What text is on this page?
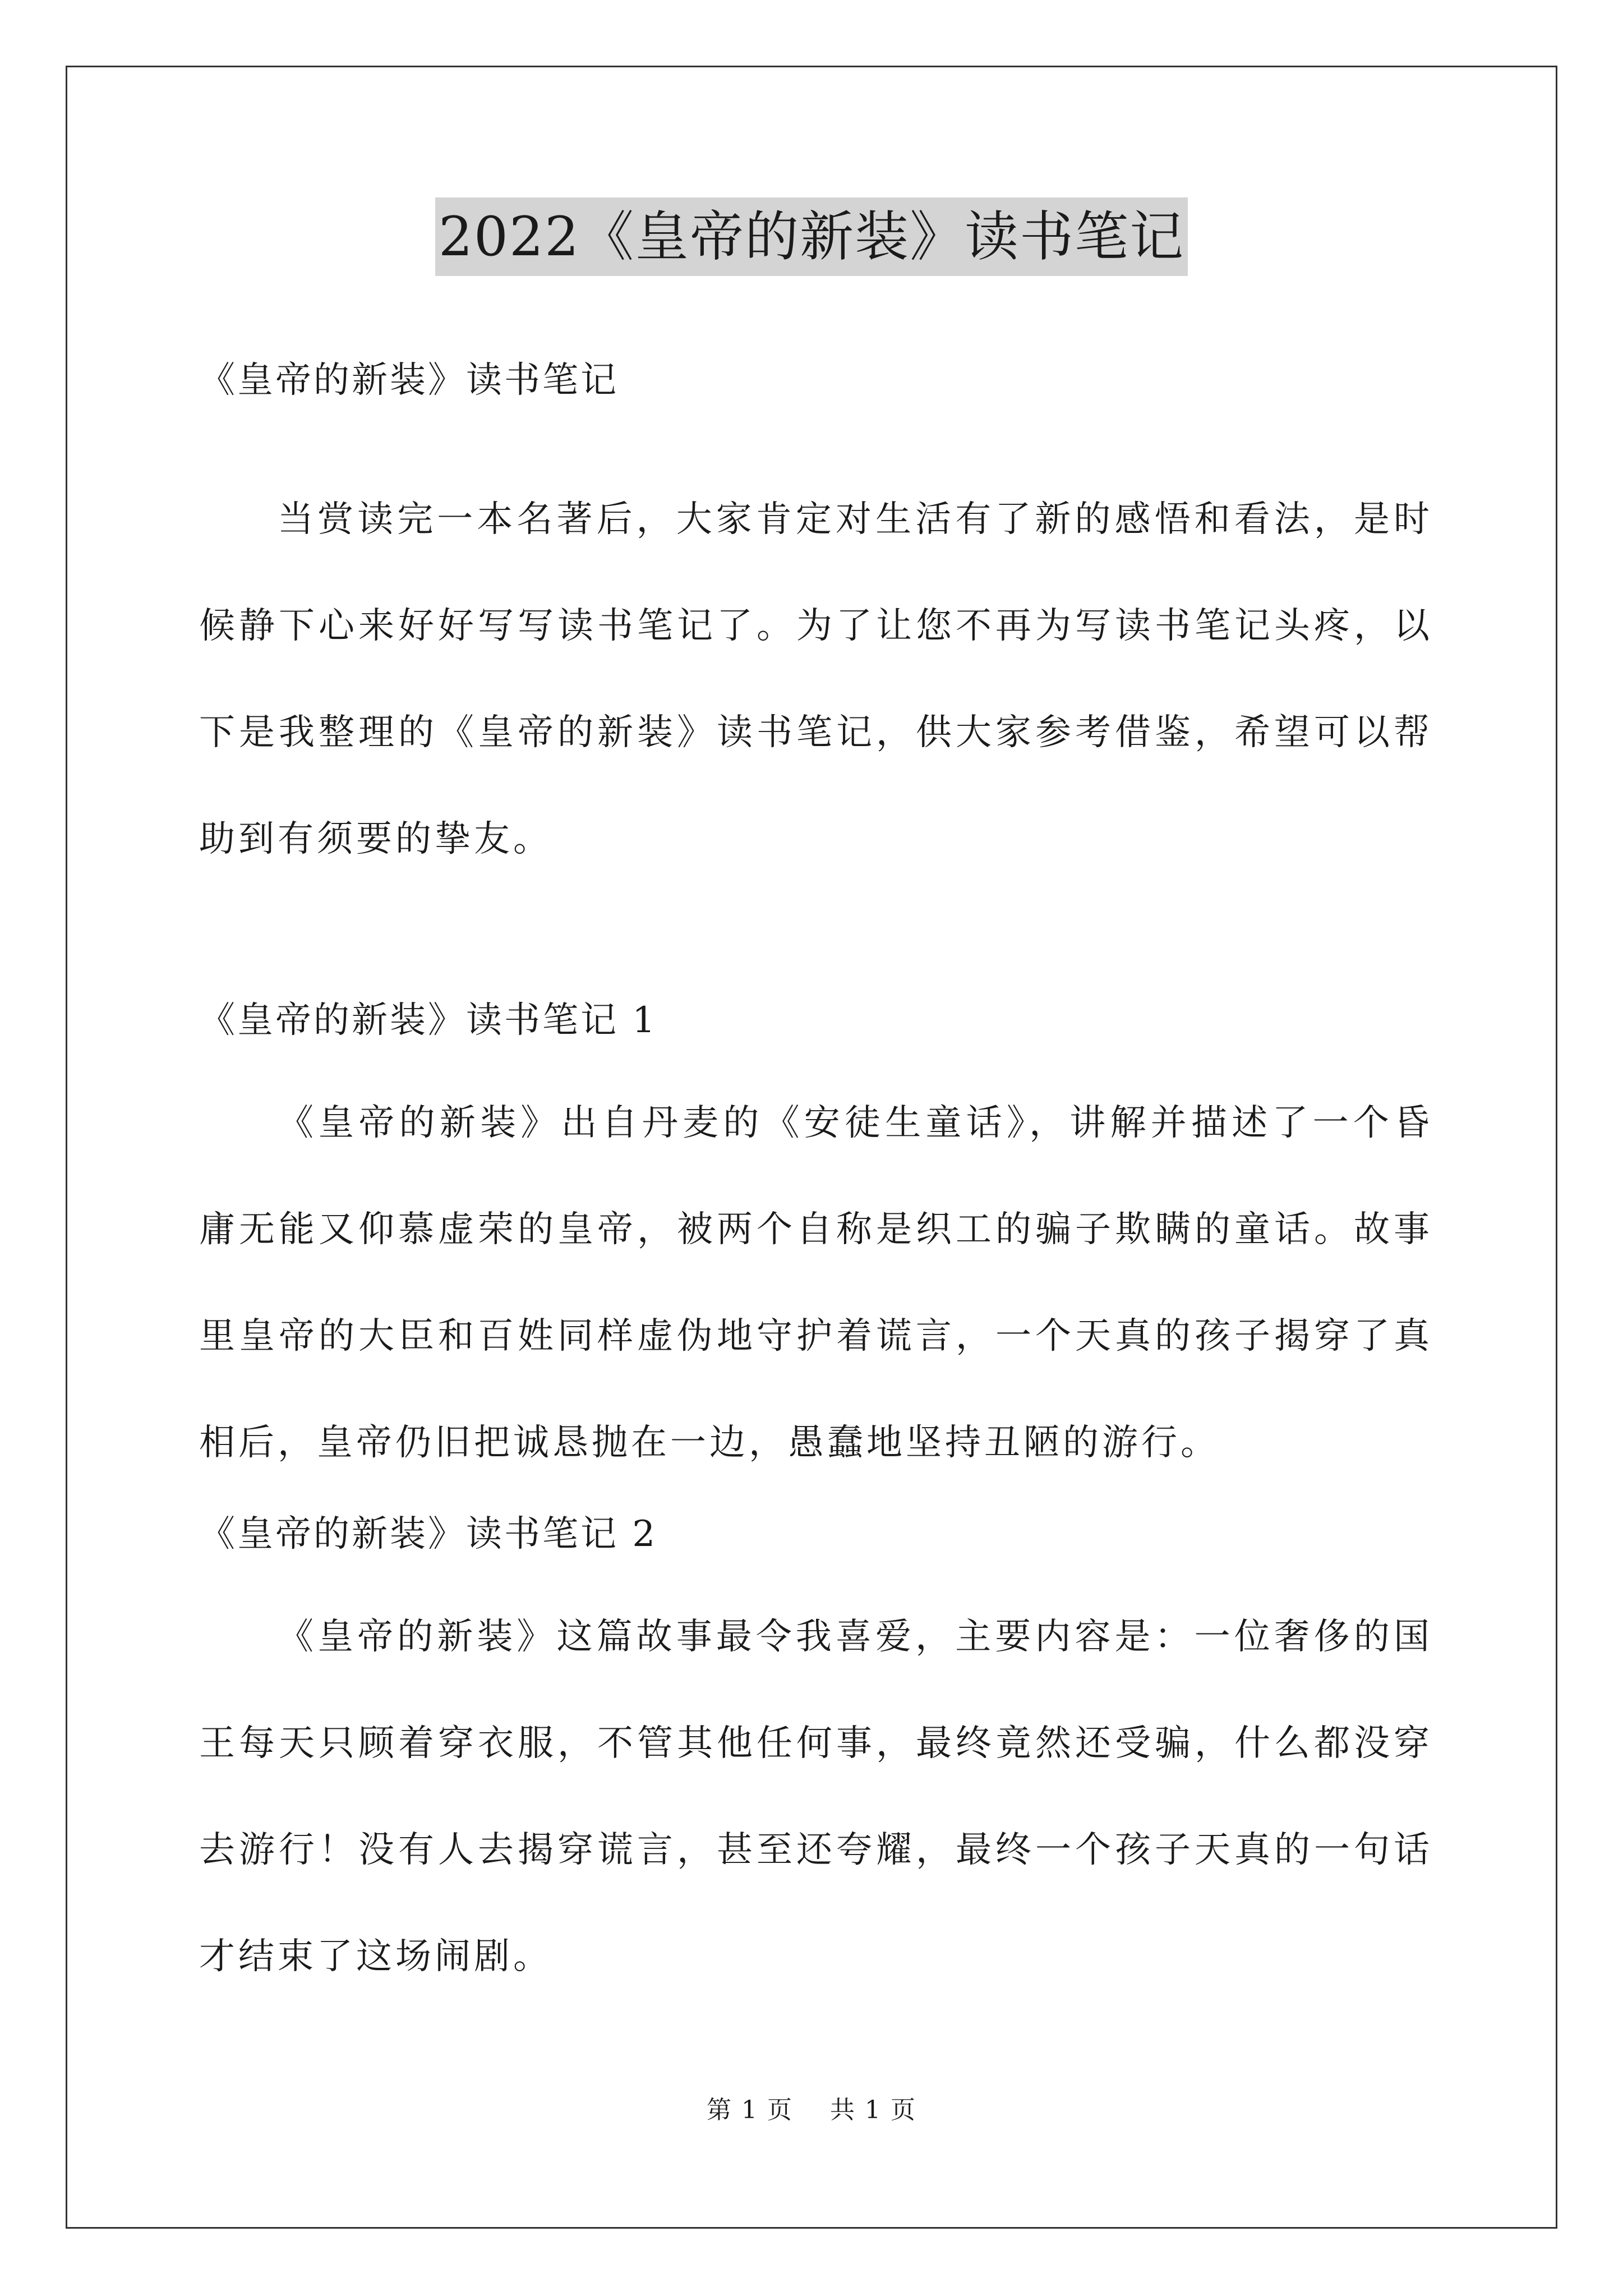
2022《皇帝的新装》读书笔记

《皇帝的新装》读书笔记

当赏读完一本名著后，大家肯定对生活有了新的感悟和看法，是时候静下心来好好写写读书笔记了。为了让您不再为写读书笔记头疼，以下是我整理的《皇帝的新装》读书笔记，供大家参考借鉴，希望可以帮助到有须要的挚友。

《皇帝的新装》读书笔记 1

《皇帝的新装》出自丹麦的《安徒生童话》，讲解并描述了一个昏庸无能又仰慕虚荣的皇帝，被两个自称是织工的骗子欺瞒的童话。故事里皇帝的大臣和百姓同样虚伪地守护着谎言，一个天真的孩子揭穿了真相后，皇帝仍旧把诚恳抛在一边，愚蠢地坚持丑陋的游行。

《皇帝的新装》读书笔记 2

《皇帝的新装》这篇故事最令我喜爱，主要内容是：一位奢侈的国王每天只顾着穿衣服，不管其他任何事，最终竟然还受骗，什么都没穿去游行！没有人去揭穿谎言，甚至还夸耀，最终一个孩子天真的一句话才结束了这场闹剧。

第 1 页 共 1 页
